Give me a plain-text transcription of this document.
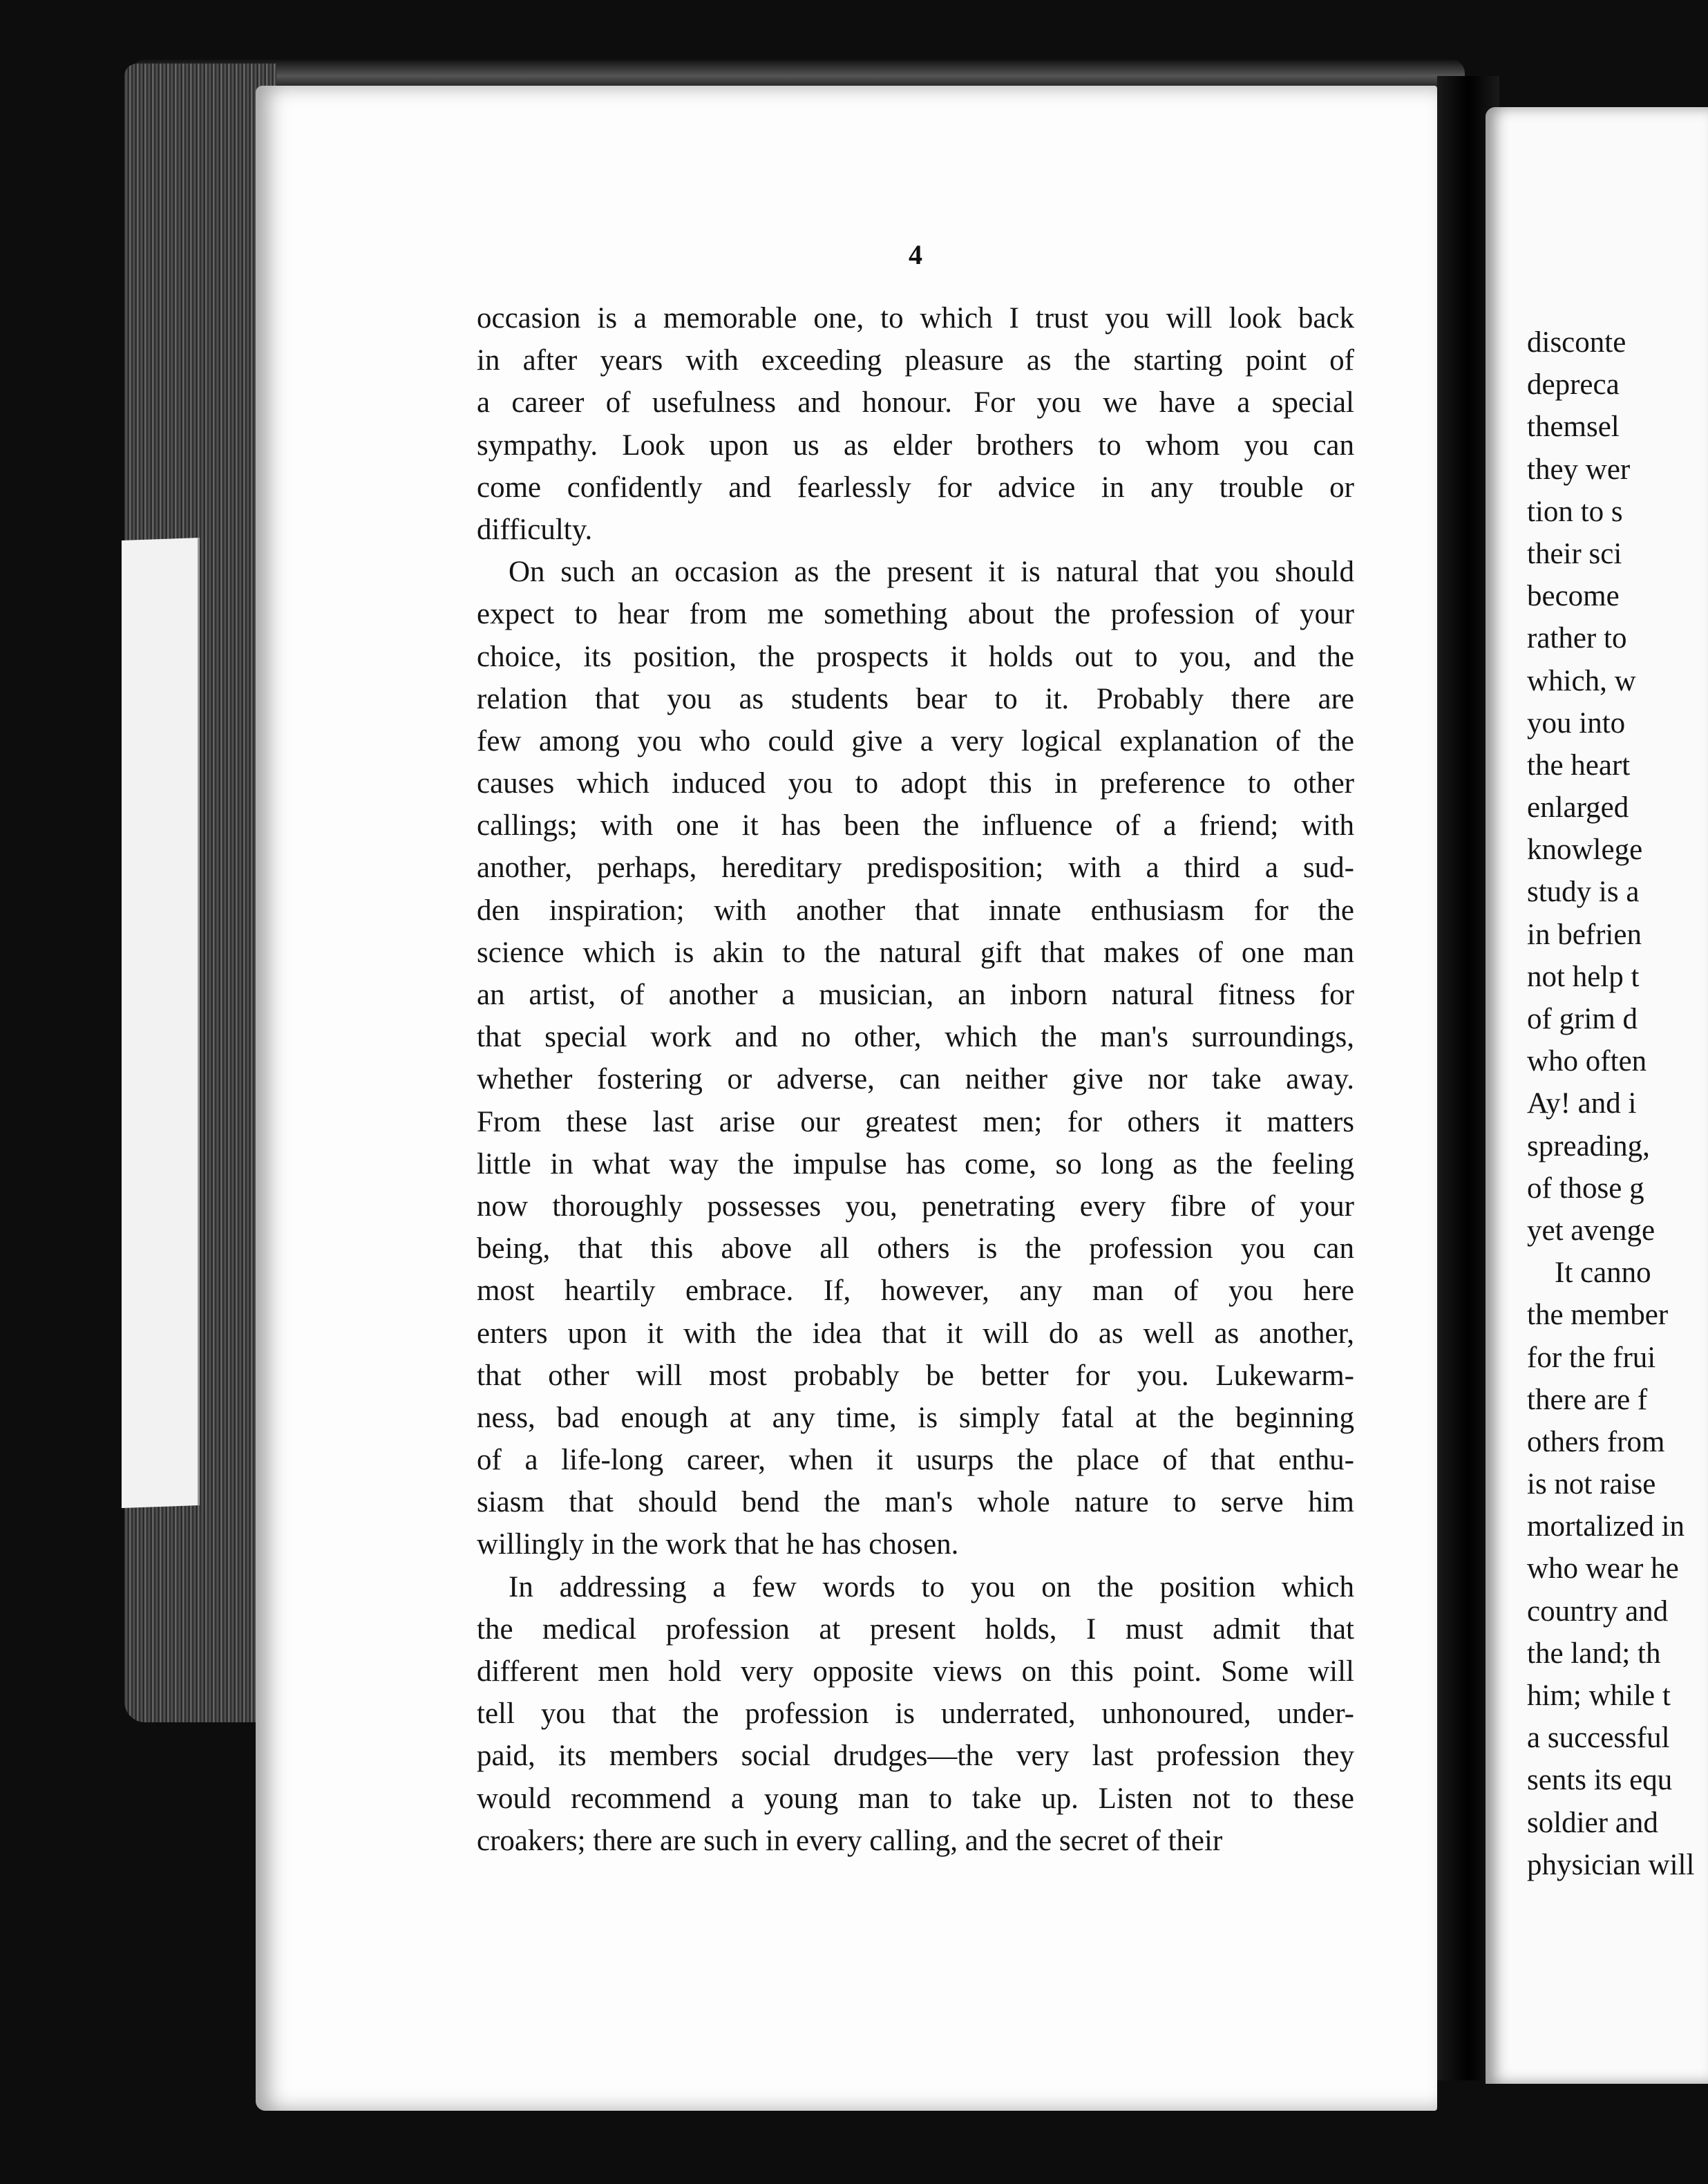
4
occasion is a memorable one, to which I trust you will look back
in after years with exceeding pleasure as the starting point of
a career of usefulness and honour. For you we have a special
sympathy. Look upon us as elder brothers to whom you can
come confidently and fearlessly for advice in any trouble or
difficulty.
On such an occasion as the present it is natural that you should
expect to hear from me something about the profession of your
choice, its position, the prospects it holds out to you, and the
relation that you as students bear to it. Probably there are
few among you who could give a very logical explanation of the
causes which induced you to adopt this in preference to other
callings; with one it has been the influence of a friend; with
another, perhaps, hereditary predisposition; with a third a sud-
den inspiration; with another that innate enthusiasm for the
science which is akin to the natural gift that makes of one man
an artist, of another a musician, an inborn natural fitness for
that special work and no other, which the man's surroundings,
whether fostering or adverse, can neither give nor take away.
From these last arise our greatest men; for others it matters
little in what way the impulse has come, so long as the feeling
now thoroughly possesses you, penetrating every fibre of your
being, that this above all others is the profession you can
most heartily embrace. If, however, any man of you here
enters upon it with the idea that it will do as well as another,
that other will most probably be better for you. Lukewarm-
ness, bad enough at any time, is simply fatal at the beginning
of a life-long career, when it usurps the place of that enthu-
siasm that should bend the man's whole nature to serve him
willingly in the work that he has chosen.
In addressing a few words to you on the position which
the medical profession at present holds, I must admit that
different men hold very opposite views on this point. Some will
tell you that the profession is underrated, unhonoured, under-
paid, its members social drudges—the very last profession they
would recommend a young man to take up. Listen not to these
croakers; there are such in every calling, and the secret of their
disconte
depreca
themsel
they wer
tion to s
their sci
become
rather to
which, w
you into
the heart
enlarged
knowlege
study is a
in befrien
not help t
of grim d
who often
Ay! and i
spreading,
of those g
yet avenge
It canno
the member
for the frui
there are f
others from
is not raise
mortalized in
who wear he
country and
the land; th
him; while t
a successful
sents its equ
soldier and
physician will
